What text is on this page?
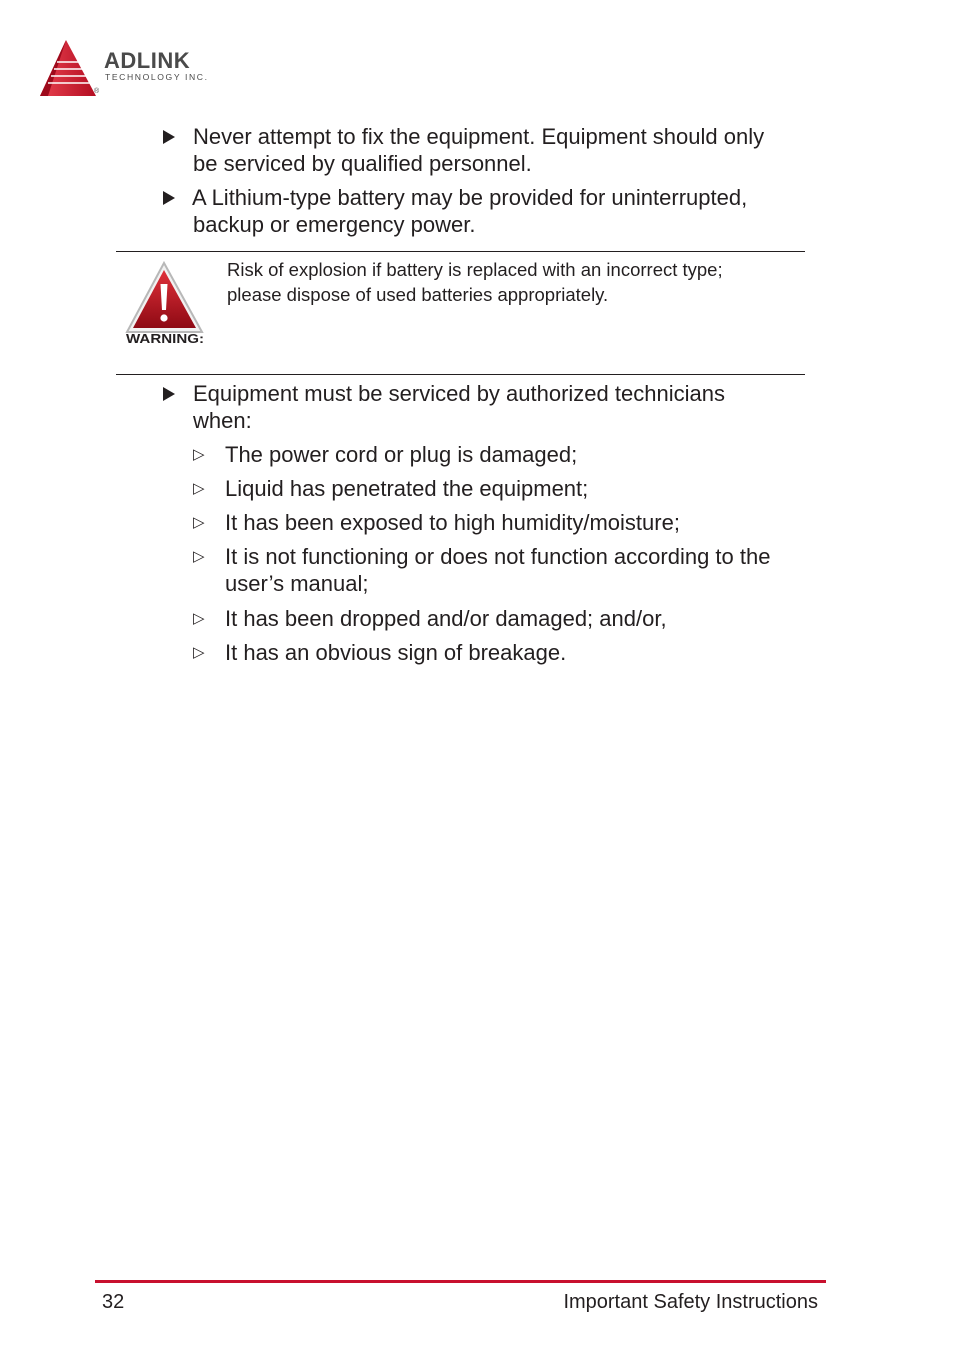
ADLINK
TECHNOLOGY INC.
®
Never attempt to fix the equipment. Equipment should only
be serviced by qualified personnel.
A Lithium-type battery may be provided for uninterrupted,
backup or emergency power.
WARNING:
Risk of explosion if battery is replaced with an incorrect type;
please dispose of used batteries appropriately.
Equipment must be serviced by authorized technicians
when:
▷ The power cord or plug is damaged;
▷ Liquid has penetrated the equipment;
▷ It has been exposed to high humidity/moisture;
▷ It is not functioning or does not function according to the
user’s manual;
▷ It has been dropped and/or damaged; and/or,
▷ It has an obvious sign of breakage.
32	Important Safety Instructions
